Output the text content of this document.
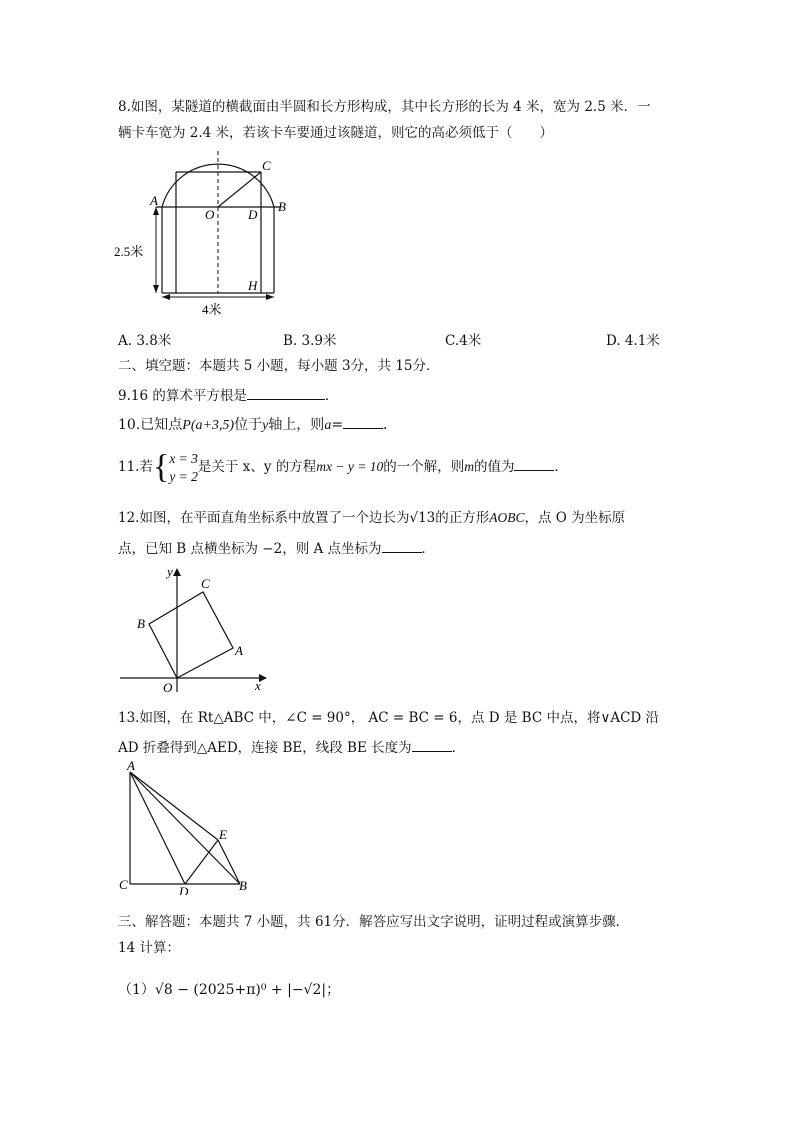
8.如图，某隧道的横截面由半圆和长方形构成，其中长方形的长为 4 米，宽为 2.5 米．一
辆卡车宽为 2.4 米，若该卡车要通过该隧道，则它的高必须低于（　　）
A	B
C
D
O
H
2.5米
4米
A. 3.8米	B. 3.9米	C.4米	D. 4.1米
二、填空题：本题共 5 小题，每小题 3分，共 15分．
9.16 的算术平方根是	．
10.已知点P(a+3,5)位于y轴上，则a=	．
11.若{x = 3
y = 2是关于 x、y 的方程mx − y = 10的一个解，则m的值为	．
12.如图，在平面直角坐标系中放置了一个边长为√13的正方形AOBC，点 O 为坐标原
点，已知 B 点横坐标为 −2，则 A 点坐标为	．
x
y
O
A
B
C
13.如图，在 Rt△ABC 中，∠C = 90°， AC = BC = 6，点 D 是 BC 中点，将∨ACD 沿
AD 折叠得到△AED，连接 BE，线段 BE 长度为	．
A
C	D	B
E
三、解答题：本题共 7 小题，共 61分．解答应写出文字说明，证明过程或演算步骤．
14 计算：
（1）√8 − (2025+π)⁰ + |−√2|；
